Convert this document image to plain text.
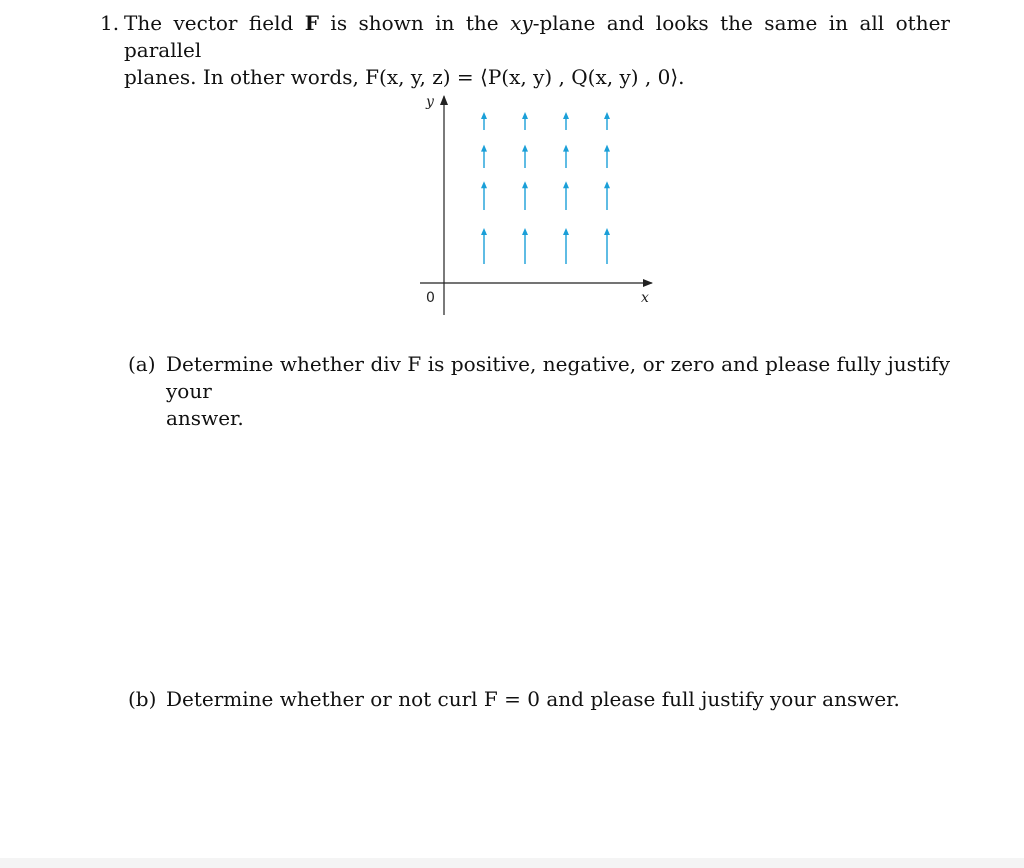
1. The vector field F is shown in the xy-plane and looks the same in all other parallel
planes. In other words, F(x, y, z) = ⟨P(x, y) , Q(x, y) , 0⟩.
y
x
0
(a) Determine whether div F is positive, negative, or zero and please fully justify your
answer.
(b) Determine whether or not curl F = 0 and please full justify your answer.
